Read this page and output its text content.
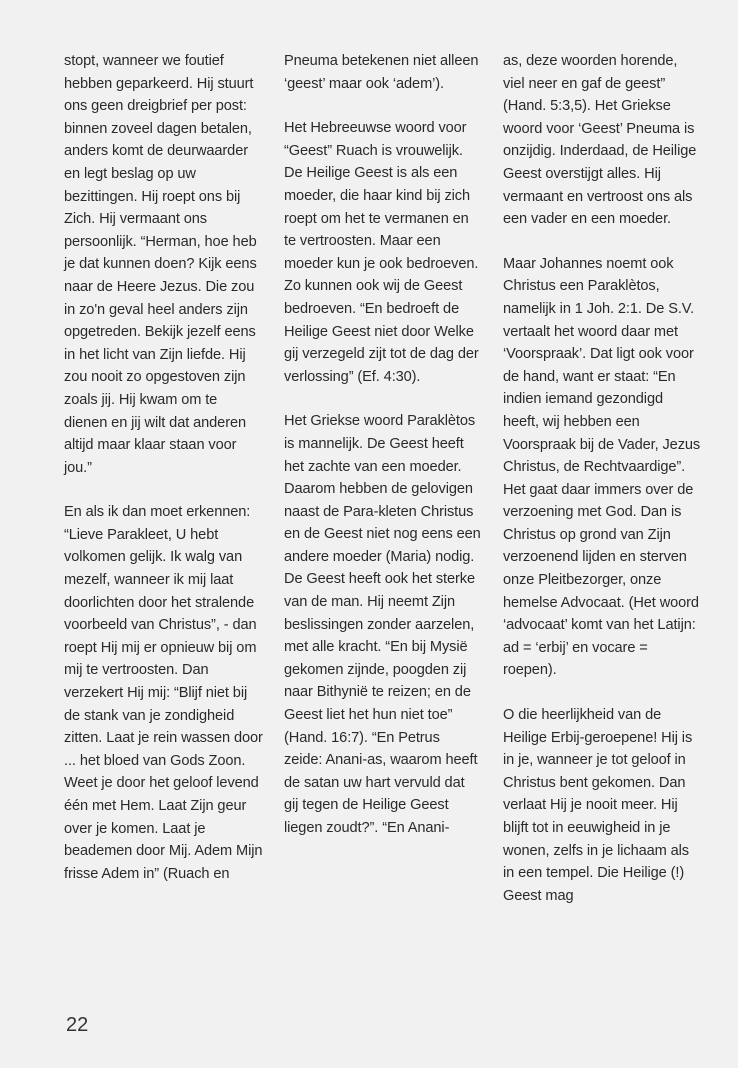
stopt, wanneer we foutief hebben geparkeerd. Hij stuurt ons geen dreigbrief per post: binnen zoveel dagen betalen, anders komt de deurwaarder en legt beslag op uw bezittingen. Hij roept ons bij Zich. Hij vermaant ons persoonlijk. “Herman, hoe heb je dat kunnen doen? Kijk eens naar de Heere Jezus. Die zou in zo'n geval heel anders zijn opgetreden. Bekijk jezelf eens in het licht van Zijn liefde. Hij zou nooit zo opgestoven zijn zoals jij. Hij kwam om te dienen en jij wilt dat anderen altijd maar klaar staan voor jou.”

En als ik dan moet erkennen: “Lieve Parakleet, U hebt volkomen gelijk. Ik walg van mezelf, wanneer ik mij laat doorlichten door het stralende voorbeeld van Christus”, - dan roept Hij mij er opnieuw bij om mij te vertroosten. Dan verzekert Hij mij: “Blijf niet bij de stank van je zondigheid zitten. Laat je rein wassen door ... het bloed van Gods Zoon. Weet je door het geloof levend één met Hem. Laat Zijn geur over je komen. Laat je beademen door Mij. Adem Mijn frisse Adem in” (Ruach en

Pneuma betekenen niet alleen ‘geest’ maar ook ‘adem’).

Het Hebreeuwse woord voor “Geest” Ruach is vrouwelijk. De Heilige Geest is als een moeder, die haar kind bij zich roept om het te vermanen en te vertroosten. Maar een moeder kun je ook bedroeven. Zo kunnen ook wij de Geest bedroeven. “En bedroeft de Heilige Geest niet door Welke gij verzegeld zijt tot de dag der verlossing” (Ef. 4:30).

Het Griekse woord Paraklètos is mannelijk. De Geest heeft het zachte van een moeder. Daarom hebben de gelovigen naast de Para-kleten Christus en de Geest niet nog eens een andere moeder (Maria) nodig. De Geest heeft ook het sterke van de man. Hij neemt Zijn beslissingen zonder aarzelen, met alle kracht. “En bij Mysië gekomen zijnde, poogden zij naar Bithynië te reizen; en de Geest liet het hun niet toe” (Hand. 16:7). “En Petrus zeide: Anani-as, waarom heeft de satan uw hart vervuld dat gij tegen de Heilige Geest liegen zoudt?”. “En Anani-

as, deze woorden horende, viel neer en gaf de geest” (Hand. 5:3,5). Het Griekse woord voor ‘Geest’ Pneuma is onzijdig. Inderdaad, de Heilige Geest overstijgt alles. Hij vermaant en vertroost ons als een vader en een moeder.

Maar Johannes noemt ook Christus een Paraklètos, namelijk in 1 Joh. 2:1. De S.V. vertaalt het woord daar met ‘Voorspraak’. Dat ligt ook voor de hand, want er staat: “En indien iemand gezondigd heeft, wij hebben een Voorspraak bij de Vader, Jezus Christus, de Rechtvaardige”. Het gaat daar immers over de verzoening met God. Dan is Christus op grond van Zijn verzoenend lijden en sterven onze Pleitbezorger, onze hemelse Advocaat. (Het woord ‘advocaat’ komt van het Latijn: ad = ‘erbij’ en vocare = roepen).

O die heerlijkheid van de Heilige Erbij-geroepene! Hij is in je, wanneer je tot geloof in Christus bent gekomen. Dan verlaat Hij je nooit meer. Hij blijft tot in eeuwigheid in je wonen, zelfs in je lichaam als in een tempel. Die Heilige (!) Geest mag

22
